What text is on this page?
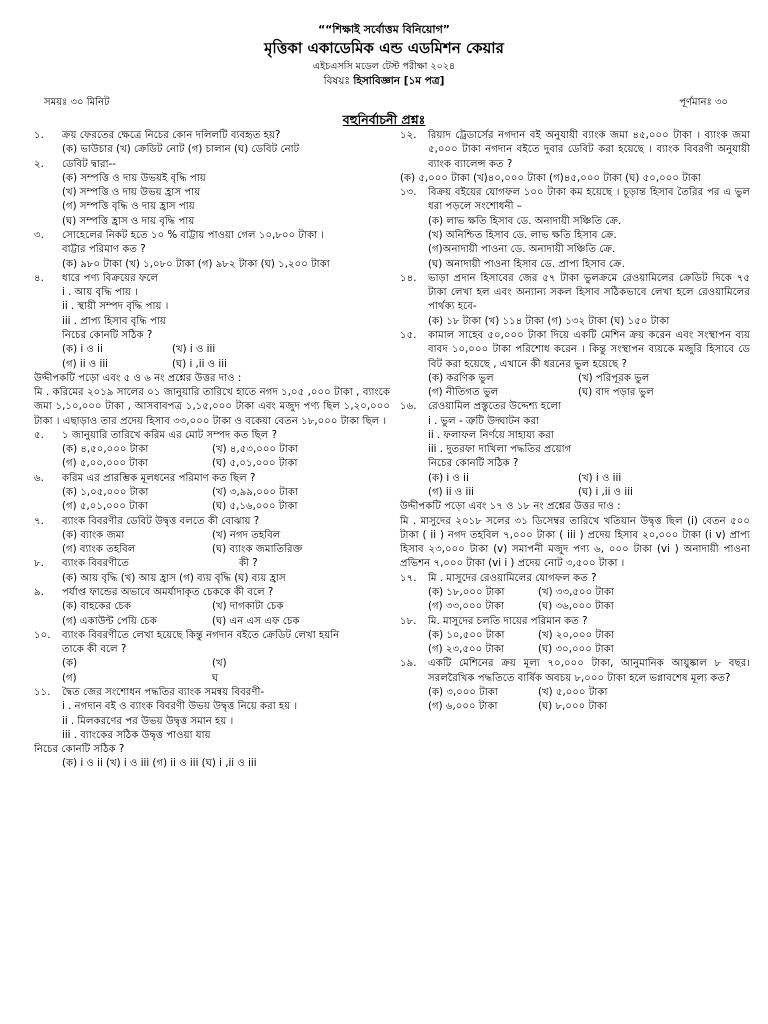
““শিক্ষাই সর্বোত্তম বিনিয়োগ”
মৃত্তিকা একাডেমিক এন্ড এডমিশন কেয়ার
এইচএসসি মডেল টেস্ট পরীক্ষা ২০২৪
বিষয়ঃ হিসাবিজ্ঞান [১ম পত্র]
সময়ঃ ৩০ মিনিট	পূর্ণমানঃ ৩০
বহুনির্বাচনী প্রশ্নঃ
১.	ক্রয় ফেরতের ক্ষেত্রে নিচের কোন দলিলটি ব্যবহৃত হয়?
(ক) ভাউচার (খ) ক্রেডিট নোট (গ) চালান (ঘ) ডেবিট নোট
২.	ডেবিট দ্বারা--
(ক) সম্পত্তি ও দায় উভয়ই বৃদ্ধি পায়
(খ) সম্পত্তি ও দায় উভয় হ্রাস পায়
(গ) সম্পত্তি বৃদ্ধি ও দায় হ্রাস পায়
(ঘ) সম্পত্তি হ্রাস ও দায় বৃদ্ধি পায়
৩.	সোহেলের নিকট হতে ১০ % বাট্টায় পাওয়া গেল ১০,৮০০ টাকা ।
বাট্টার পরিমাণ কত ?
(ক) ৯৮০ টাকা (খ) ১,০৮০ টাকা (গ) ৯৮২ টাকা (ঘ) ১,২০০ টাকা
৪.	ধারে পণ্য বিক্রয়ের ফলে
i . আয় বৃদ্ধি পায় ।
ii . স্থায়ী সম্পদ বৃদ্ধি পায় ।
iii . প্রাপ্য হিসাব বৃদ্ধি পায়
নিচের কোনটি সঠিক ?
(ক) i ও ii	(খ) i ও iii
(গ) ii ও iii	(ঘ) i ,ii ও iii
উদ্দীপকটি পড়ো এবং ৫ ও ৬ নং প্রশ্নের উত্তর দাও :
মি . করিমের ২০১৯ সালের ০১ জানুয়ারি তারিখে হাতে নগদ ১,০৫ ,০০০ টাকা , ব্যাংকে জমা ১,১০,০০০ টাকা , আসবাবপত্র ১,১৫,০০০ টাকা এবং মজুদ পণ্য ছিল ১,২০,০০০ টাকা । এছাড়াও তার প্রদেয় হিসাব ৩৩,০০০ টাকা ও বকেয়া বেতন ১৮,০০০ টাকা ছিল ।
৫.	১ জানুয়ারি তারিখে করিম এর মোট সম্পদ কত ছিল ?
(ক) ৪,৫০,০০০ টাকা	(খ) ৪,৫৩,০০০ টাকা
(গ) ৫,০০,০০০ টাকা	(ঘ) ৫,০১,০০০ টাকা
৬.	করিম এর প্রারম্ভিক মূলধনের পরিমাণ কত ছিল ?
(ক) ১,০৫,০০০ টাকা	(খ) ৩,৯৯,০০০ টাকা
(গ) ৫,০১,০০০ টাকা	(ঘ) ৫,১৬,০০০ টাকা
৭.	ব্যাংক বিবরণীর ডেবিট উদ্বৃত্ত বলতে কী বোঝায় ?
(ক) ব্যাংক জমা	(খ) নগদ তহবিল
(গ) ব্যাংক তহবিল	(ঘ) ব্যাংক জমাতিরিক্ত
৮.	ব্যাংক বিবরণীতে	কী ?
(ক) আয় বৃদ্ধি (খ) আয় হ্রাস (গ) ব্যয় বৃদ্ধি (ঘ) ব্যয় হ্রাস
৯.	পর্যাপ্ত ফান্ডের অভাবে অমর্যাদাকৃত চেককে কী বলে ?
(ক) বাহকের চেক	(খ) দাগকাটা চেক
(গ) একাউন্ট পেয়ি চেক	(ঘ) এন এস এফ চেক
১০.	ব্যাংক বিবরণীতে লেখা হয়েছে কিন্তু নগদান বইতে ক্রেডিট লেখা হয়নি
তাকে কী বলে ?
(ক)	(খ)
(গ)	ঘ
১১.	দ্বৈত জের সংশোধন পদ্ধতির ব্যাংক সমন্বয় বিবরণী-
i . নগদান বই ও ব্যাংক বিবরণী উভয় উদ্বৃত্ত নিয়ে করা হয় ।
ii . মিলকরণের পর উভয় উদ্বৃত্ত সমান হয় ।
iii . ব্যাংকের সঠিক উদ্বৃত্ত পাওয়া যায়
নিচের কোনটি সঠিক ?
(ক) i ও ii (খ) i ও iii (গ) ii ও iii (ঘ) i ,ii ও iii
১২.	রিয়াদ ট্রেডার্সের নগদান বই অনুযায়ী ব্যাংক জমা ৪৫,০০০ টাকা । ব্যাংক জমা ৫,০০০ টাকা নগদান বইতে দুবার ডেবিট করা হয়েছে । ব্যাংক বিবরণী অনুযায়ী ব্যাংক ব্যালেন্স কত ?
(ক) ৫,০০০ টাকা (খ)৪০,০০০ টাকা (গ)৪৫,০০০ টাকা (ঘ) ৫০,০০০ টাকা
১৩.	বিক্রয় বইয়ের যোগফল ১০০ টাকা কম হয়েছে । চূড়ান্ত হিসাব তৈরির পর এ ভুল ধরা পড়লে সংশোধনী –
(ক) লাভ ক্ষতি হিসাব ডে. অনাদায়ী সঞ্চিতি ক্রে.
(খ) অনিশ্চিত হিসাব ডে. লাভ ক্ষতি হিসাব ক্রে.
(গ)অনাদায়ী পাওনা ডে. অনাদায়ী সঞ্চিতি ক্রে.
(ঘ) অনাদায়ী পাওনা হিসাব ডে. প্রাপ্য হিসাব ক্রে.
১৪.	ভাড়া প্রদান হিসাবের জের ৫৭ টাকা ভুলক্রমে রেওয়ামিলের ক্রেডিট দিকে ৭৫ টাকা লেখা হল এবং অন্যান্য সকল হিসাব সঠিকভাবে লেখা হলে রেওয়ামিলের পার্থক্য হবে-
(ক) ১৮ টাকা (খ) ১১৪ টাকা (গ) ১৩২ টাকা (ঘ) ১৫০ টাকা
১৫.	কামাল সাহেব ৫০,০০০ টাকা দিয়ে একটি মেশিন ক্রয় করেন এবং সংস্থাপন ব্যয় বাবদ ১০,০০০ টাকা পরিশোধ করেন । কিন্তু সংস্থাপন ব্যয়কে মজুরি হিসাবে ডে বিট করা হয়েছে , এখানে কী ধরনের ভুল হয়েছে ?
(ক) করণিক ভুল	(খ) পরিপূরক ভুল
(গ) নীতিগত ভুল	(ঘ) বাদ পড়ার ভুল
১৬.	রেওয়ামিল প্রস্তুতের উদ্দেশ্য হলো
i . ভুল - ত্রুটি উদ্ঘাটন করা
ii . ফলাফল নির্ণয়ে সাহায্য করা
iii . দুতরফা দাখিলা পদ্ধতির প্রয়োগ
নিচের কোনটি সঠিক ?
(ক) i ও ii	(খ) i ও iii
(গ) ii ও iii	(ঘ) i ,ii ও iii
উদ্দীপকটি পড়ো এবং ১৭ ও ১৮ নং প্রশ্নের উত্তর দাও :
মি . মাসুদের ২০১৮ সলের ৩১ ডিসেম্বর তারিখে খতিয়ান উদ্বৃত্ত ছিল (i) বেতন ৫০০ টাকা ( ii ) নগদ তহবিল ৭,০০০ টাকা ( iii ) প্রদেয় হিসাব ২০,০০০ টাকা (i v) প্রাপ্য হিসাব ২৩,০০০ টাকা (v) সমাপনী মজুদ পণ্য ৬, ০০০ টাকা (vi ) অনাদায়ী পাওনা প্রভিশন ৭,০০০ টাকা (vi i ) প্রদেয় নোট ৩,৫০০ টাকা ।
১৭.	মি . মাসুদের রেওয়ামিলের যোগফল কত ?
(ক) ১৮,০০০ টাকা	(খ) ৩৩,৫০০ টাকা
(গ) ৩৩,০০০ টাকা	(ঘ) ৩৬,০০০ টাকা
১৮.	মি. মাসুদের চলতি দায়ের পরিমান কত ?
(ক) ১০,৫০০ টাকা	(খ) ২০,০০০ টাকা
(গ) ২৩,৫০০ টাকা	(ঘ) ৩০,০০০ টাকা
১৯.	একটি মেশিনের ক্রয় মূল্য ৭০,০০০ টাকা, আনুমানিক আয়ুষ্কাল ৮ বছর। সরলরৈখিক পদ্ধতিতে বার্ষিক অবচয় ৮,০০০ টাকা হলে ভগ্নাবশেষ মূল্য কত?
(ক) ৩,০০০ টাকা	(খ) ৫,০০০ টাকা
(গ) ৬,০০০ টাকা	(ঘ) ৮,০০০ টাকা
